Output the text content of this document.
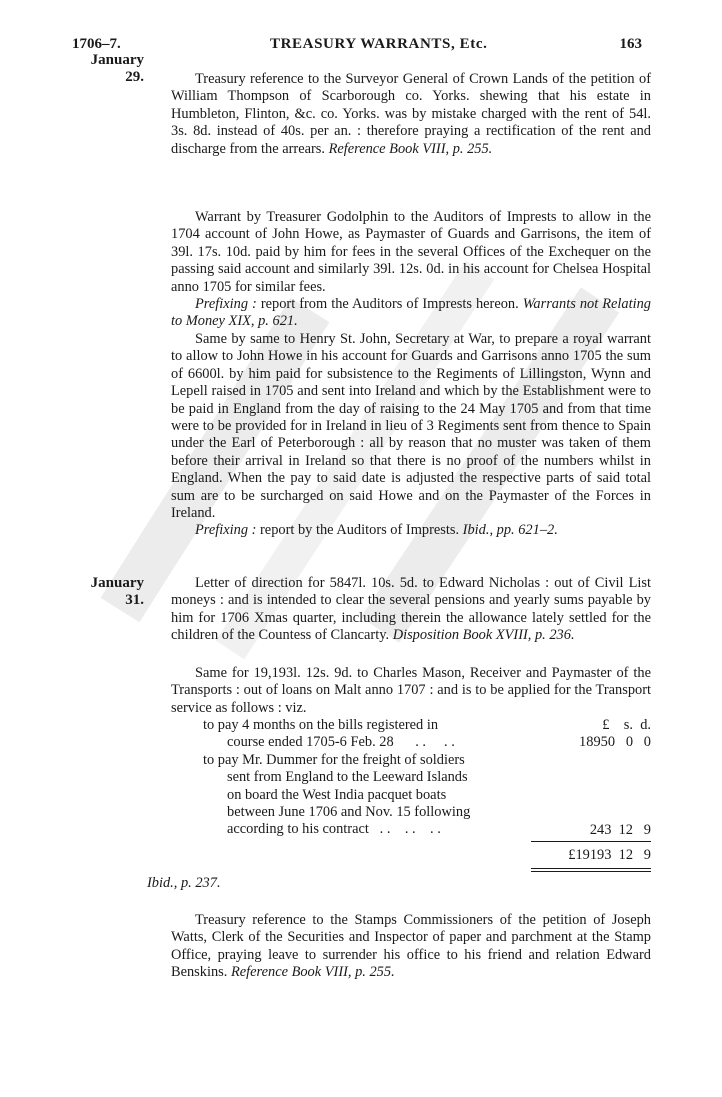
1706–7.	TREASURY WARRANTS, Etc.	163
January
29.
January
31.

Treasury reference to the Surveyor General of Crown Lands of the petition of William Thompson of Scarborough co. Yorks. shewing that his estate in Humbleton, Flinton, &c. co. Yorks. was by mistake charged with the rent of 54l. 3s. 8d. instead of 40s. per an. : therefore praying a rectification of the rent and discharge from the arrears. Reference Book VIII, p. 255.

Warrant by Treasurer Godolphin to the Auditors of Imprests to allow in the 1704 account of John Howe, as Paymaster of Guards and Garrisons, the item of 39l. 17s. 10d. paid by him for fees in the several Offices of the Exchequer on the passing said account and similarly 39l. 12s. 0d. in his account for Chelsea Hospital anno 1705 for similar fees.

Prefixing : report from the Auditors of Imprests hereon. Warrants not Relating to Money XIX, p. 621.

Same by same to Henry St. John, Secretary at War, to prepare a royal warrant to allow to John Howe in his account for Guards and Garrisons anno 1705 the sum of 6600l. by him paid for subsistence to the Regiments of Lillingston, Wynn and Lepell raised in 1705 and sent into Ireland and which by the Establishment were to be paid in England from the day of raising to the 24 May 1705 and from that time were to be provided for in Ireland in lieu of 3 Regiments sent from thence to Spain under the Earl of Peterborough : all by reason that no muster was taken of them before their arrival in Ireland so that there is no proof of the numbers whilst in England. When the pay to said date is adjusted the respective parts of said total sum are to be surcharged on said Howe and on the Paymaster of the Forces in Ireland.

Prefixing : report by the Auditors of Imprests. Ibid., pp. 621–2.

Letter of direction for 5847l. 10s. 5d. to Edward Nicholas : out of Civil List moneys : and is intended to clear the several pensions and yearly sums payable by him for 1706 Xmas quarter, including therein the allowance lately settled for the children of the Countess of Clancarty. Disposition Book XVIII, p. 236.

Same for 19,193l. 12s. 9d. to Charles Mason, Receiver and Paymaster of the Transports : out of loans on Malt anno 1707 : and is to be applied for the Transport service as follows : viz.

£    s.  d.
to pay 4 months on the bills registered in
course ended 1705-6 Feb. 28      . .     . .	18950   0   0
to pay Mr. Dummer for the freight of soldiers
sent from England to the Leeward Islands
on board the West India pacquet boats
between June 1706 and Nov. 15 following
according to his contract   . .    . .    . .	243  12   9
£19193  12   9

Ibid., p. 237.

Treasury reference to the Stamps Commissioners of the petition of Joseph Watts, Clerk of the Securities and Inspector of paper and parchment at the Stamp Office, praying leave to surrender his office to his friend and relation Edward Benskins. Reference Book VIII, p. 255.
